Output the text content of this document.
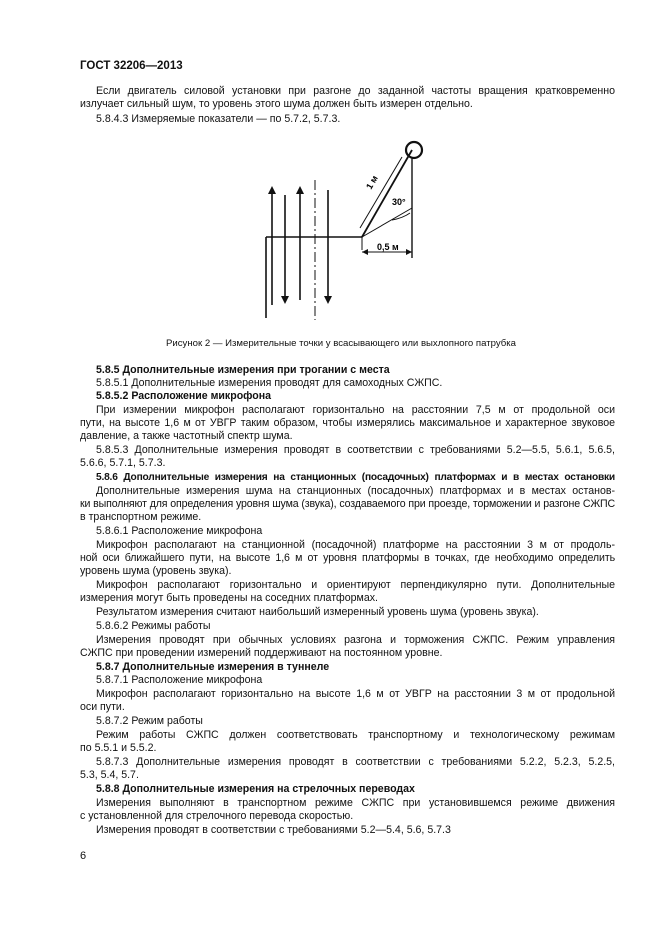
ГОСТ 32206—2013
Если двигатель силовой установки при разгоне до заданной частоты вращения кратковременно
излучает сильный шум, то уровень этого шума должен быть измерен отдельно.
5.8.4.3 Измеряемые показатели — по 5.7.2, 5.7.3.
1 м
30°
0,5 м
Рисунок 2 — Измерительные точки у всасывающего или выхлопного патрубка
5.8.5 Дополнительные измерения при трогании с места
5.8.5.1 Дополнительные измерения проводят для самоходных СЖПС.
5.8.5.2 Расположение микрофона
При измерении микрофон располагают горизонтально на расстоянии 7,5 м от продольной оси
пути, на высоте 1,6 м от УВГР таким образом, чтобы измерялись максимальное и характерное звуковое
давление, а также частотный спектр шума.
5.8.5.3 Дополнительные измерения проводят в соответствии с требованиями 5.2—5.5, 5.6.1, 5.6.5,
5.6.6, 5.7.1, 5.7.3.
5.8.6 Дополнительные измерения на станционных (посадочных) платформах и в местах остановки
Дополнительные измерения шума на станционных (посадочных) платформах и в местах останов-
ки выполняют для определения уровня шума (звука), создаваемого при проезде, торможении и разгоне СЖПС
в транспортном режиме.
5.8.6.1 Расположение микрофона
Микрофон располагают на станционной (посадочной) платформе на расстоянии 3 м от продоль-
ной оси ближайшего пути, на высоте 1,6 м от уровня платформы в точках, где необходимо определить
уровень шума (уровень звука).
Микрофон располагают горизонтально и ориентируют перпендикулярно пути. Дополнительные
измерения могут быть проведены на соседних платформах.
Результатом измерения считают наибольший измеренный уровень шума (уровень звука).
5.8.6.2 Режимы работы
Измерения проводят при обычных условиях разгона и торможения СЖПС. Режим управления
СЖПС при проведении измерений поддерживают на постоянном уровне.
5.8.7 Дополнительные измерения в туннеле
5.8.7.1 Расположение микрофона
Микрофон располагают горизонтально на высоте 1,6 м от УВГР на расстоянии 3 м от продольной
оси пути.
5.8.7.2 Режим работы
Режим работы СЖПС должен соответствовать транспортному и технологическому режимам
по 5.5.1 и 5.5.2.
5.8.7.3 Дополнительные измерения проводят в соответствии с требованиями 5.2.2, 5.2.3, 5.2.5,
5.3, 5.4, 5.7.
5.8.8 Дополнительные измерения на стрелочных переводах
Измерения выполняют в транспортном режиме СЖПС при установившемся режиме движения
с установленной для стрелочного перевода скоростью.
Измерения проводят в соответствии с требованиями 5.2—5.4, 5.6, 5.7.3
6
